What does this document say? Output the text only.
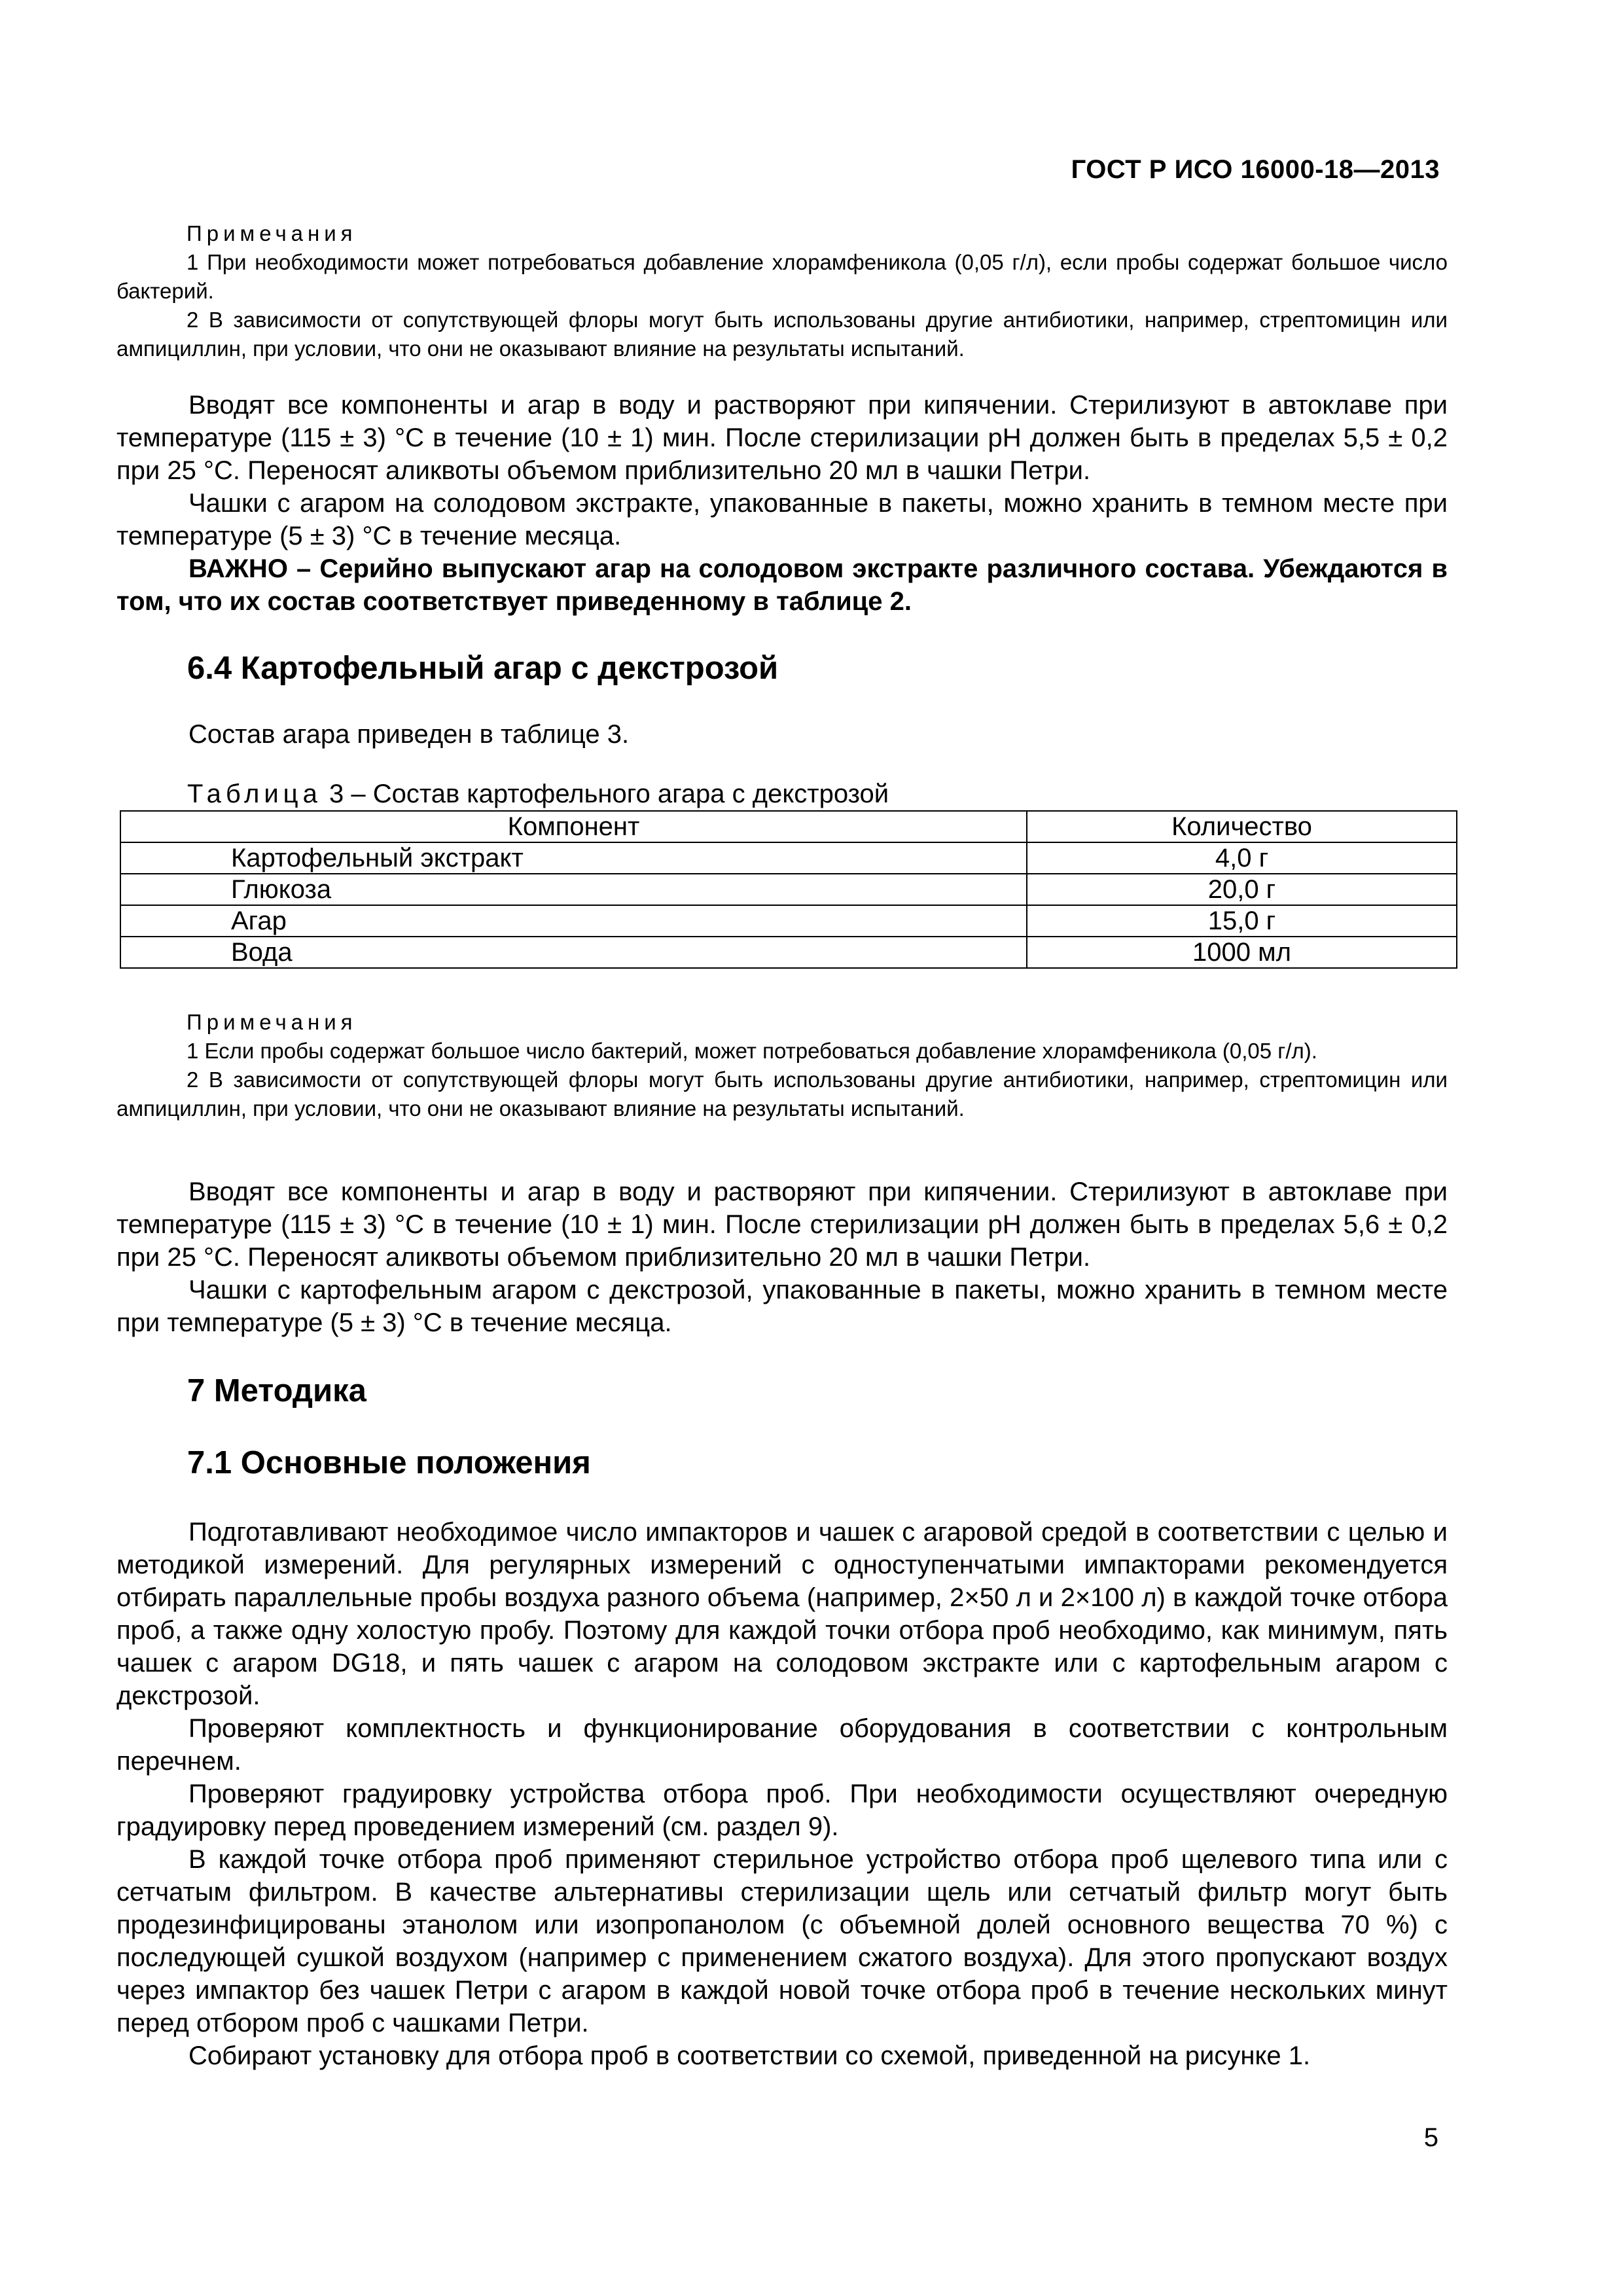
ГОСТ Р ИСО 16000-18—2013
Примечания

1 При необходимости может потребоваться добавление хлорамфеникола (0,05 г/л), если пробы содержат большое число бактерий.

2 В зависимости от сопутствующей флоры могут быть использованы другие антибиотики, например, стрептомицин или ампициллин, при условии, что они не оказывают влияние на результаты испытаний.

Вводят все компоненты и агар в воду и растворяют при кипячении. Стерилизуют в автоклаве при температуре (115 ± 3) °С в течение (10 ± 1) мин. После стерилизации pH должен быть в пределах 5,5 ± 0,2 при 25 °С. Переносят аликвоты объемом приблизительно 20 мл в чашки Петри.

Чашки с агаром на солодовом экстракте, упакованные в пакеты, можно хранить в темном месте при температуре (5 ± 3) °С в течение месяца.

ВАЖНО – Серийно выпускают агар на солодовом экстракте различного состава. Убеждаются в том, что их состав соответствует приведенному в таблице 2.

6.4 Картофельный агар с декстрозой

Состав агара приведен в таблице 3.

Таблица 3 – Состав картофельного агара с декстрозой
Компонент	Количество
Картофельный экстракт	4,0 г
Глюкоза	20,0 г
Агар	15,0 г
Вода	1000 мл
Примечания

1 Если пробы содержат большое число бактерий, может потребоваться добавление хлорамфеникола (0,05 г/л).

2 В зависимости от сопутствующей флоры могут быть использованы другие антибиотики, например, стрептомицин или ампициллин, при условии, что они не оказывают влияние на результаты испытаний.

Вводят все компоненты и агар в воду и растворяют при кипячении. Стерилизуют в автоклаве при температуре (115 ± 3) °С в течение (10 ± 1) мин. После стерилизации pH должен быть в пределах 5,6 ± 0,2 при 25 °С. Переносят аликвоты объемом приблизительно 20 мл в чашки Петри.

Чашки с картофельным агаром с декстрозой, упакованные в пакеты, можно хранить в темном месте при температуре (5 ± 3) °С в течение месяца.

7 Методика
7.1 Основные положения

Подготавливают необходимое число импакторов и чашек с агаровой средой в соответствии с целью и методикой измерений. Для регулярных измерений с одноступенчатыми импакторами рекомендуется отбирать параллельные пробы воздуха разного объема (например, 2×50 л и 2×100 л) в каждой точке отбора проб, а также одну холостую пробу. Поэтому для каждой точки отбора проб необходимо, как минимум, пять чашек с агаром DG18, и пять чашек с агаром на солодовом экстракте или с картофельным агаром с декстрозой.

Проверяют комплектность и функционирование оборудования в соответствии с контрольным перечнем.

Проверяют градуировку устройства отбора проб. При необходимости осуществляют очередную градуировку перед проведением измерений (см. раздел 9).

В каждой точке отбора проб применяют стерильное устройство отбора проб щелевого типа или с сетчатым фильтром. В качестве альтернативы стерилизации щель или сетчатый фильтр могут быть продезинфицированы этанолом или изопропанолом (с объемной долей основного вещества 70 %) с последующей сушкой воздухом (например с применением сжатого воздуха). Для этого пропускают воздух через импактор без чашек Петри с агаром в каждой новой точке отбора проб в течение нескольких минут перед отбором проб с чашками Петри.

Собирают установку для отбора проб в соответствии со схемой, приведенной на рисунке 1.

5
